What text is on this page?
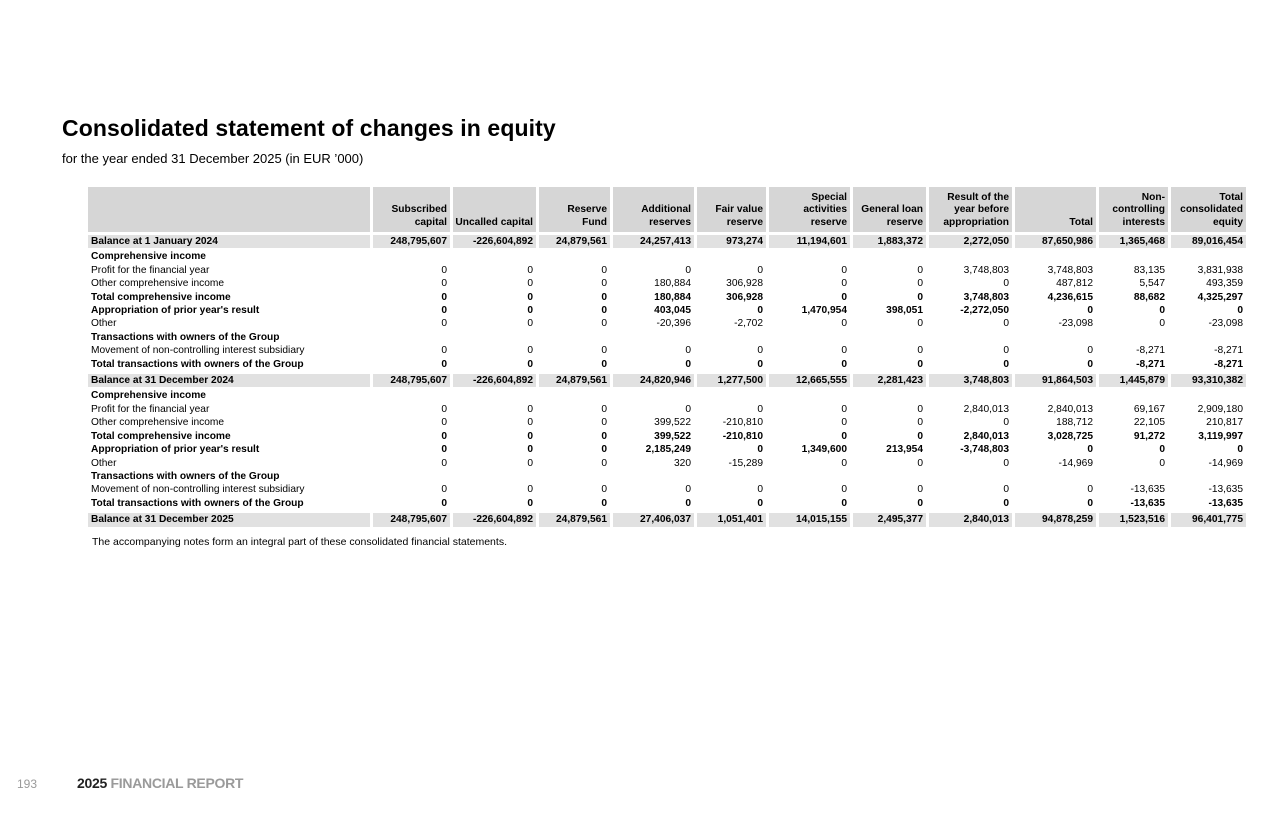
Consolidated statement of changes in equity

for the year ended 31 December 2025 (in EUR ’000)

	Subscribed capital	Uncalled capital	Reserve Fund	Additional reserves	Fair value reserve	Special activities reserve	General loan reserve	Result of the year before appropriation	Total	Non-controlling interests	Total consolidated equity
Balance at 1 January 2024	248,795,607	-226,604,892	24,879,561	24,257,413	973,274	11,194,601	1,883,372	2,272,050	87,650,986	1,365,468	89,016,454
Comprehensive income											
Profit for the financial year	0	0	0	0	0	0	0	3,748,803	3,748,803	83,135	3,831,938
Other comprehensive income	0	0	0	180,884	306,928	0	0	0	487,812	5,547	493,359
Total comprehensive income	0	0	0	180,884	306,928	0	0	3,748,803	4,236,615	88,682	4,325,297
Appropriation of prior year's result	0	0	0	403,045	0	1,470,954	398,051	-2,272,050	0	0	0
Other	0	0	0	-20,396	-2,702	0	0	0	-23,098	0	-23,098
Transactions with owners of the Group											
Movement of non-controlling interest subsidiary	0	0	0	0	0	0	0	0	0	-8,271	-8,271
Total transactions with owners of the Group	0	0	0	0	0	0	0	0	0	-8,271	-8,271
Balance at 31 December 2024	248,795,607	-226,604,892	24,879,561	24,820,946	1,277,500	12,665,555	2,281,423	3,748,803	91,864,503	1,445,879	93,310,382
Comprehensive income											
Profit for the financial year	0	0	0	0	0	0	0	2,840,013	2,840,013	69,167	2,909,180
Other comprehensive income	0	0	0	399,522	-210,810	0	0	0	188,712	22,105	210,817
Total comprehensive income	0	0	0	399,522	-210,810	0	0	2,840,013	3,028,725	91,272	3,119,997
Appropriation of prior year's result	0	0	0	2,185,249	0	1,349,600	213,954	-3,748,803	0	0	0
Other	0	0	0	320	-15,289	0	0	0	-14,969	0	-14,969
Transactions with owners of the Group											
Movement of non-controlling interest subsidiary	0	0	0	0	0	0	0	0	0	-13,635	-13,635
Total transactions with owners of the Group	0	0	0	0	0	0	0	0	0	-13,635	-13,635
Balance at 31 December 2025	248,795,607	-226,604,892	24,879,561	27,406,037	1,051,401	14,015,155	2,495,377	2,840,013	94,878,259	1,523,516	96,401,775

The accompanying notes form an integral part of these consolidated financial statements.

193	2025 FINANCIAL REPORT
